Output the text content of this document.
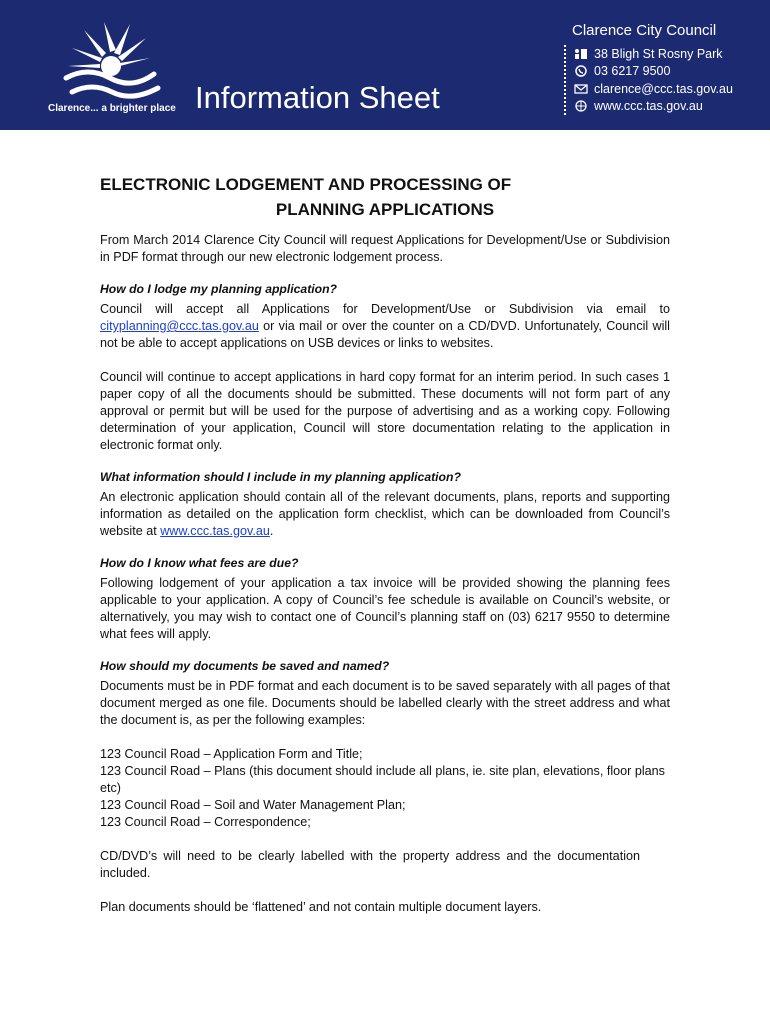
Clarence... a brighter place Information Sheet
Clarence City Council
38 Bligh St Rosny Park
03 6217 9500
clarence@ccc.tas.gov.au
www.ccc.tas.gov.au
ELECTRONIC LODGEMENT AND PROCESSING OF
PLANNING APPLICATIONS

From March 2014 Clarence City Council will request Applications for Development/Use or Subdivision in PDF format through our new electronic lodgement process.

How do I lodge my planning application?

Council will accept all Applications for Development/Use or Subdivision via email to cityplanning@ccc.tas.gov.au or via mail or over the counter on a CD/DVD. Unfortunately, Council will not be able to accept applications on USB devices or links to websites.

Council will continue to accept applications in hard copy format for an interim period. In such cases 1 paper copy of all the documents should be submitted. These documents will not form part of any approval or permit but will be used for the purpose of advertising and as a working copy. Following determination of your application, Council will store documentation relating to the application in electronic format only.

What information should I include in my planning application?

An electronic application should contain all of the relevant documents, plans, reports and supporting information as detailed on the application form checklist, which can be downloaded from Council’s website at www.ccc.tas.gov.au.

How do I know what fees are due?

Following lodgement of your application a tax invoice will be provided showing the planning fees applicable to your application. A copy of Council’s fee schedule is available on Council’s website, or alternatively, you may wish to contact one of Council’s planning staff on (03) 6217 9550 to determine what fees will apply.

How should my documents be saved and named?

Documents must be in PDF format and each document is to be saved separately with all pages of that document merged as one file. Documents should be labelled clearly with the street address and what the document is, as per the following examples:

123 Council Road – Application Form and Title;

123 Council Road – Plans (this document should include all plans, ie. site plan, elevations, floor plans etc)

123 Council Road – Soil and Water Management Plan;

123 Council Road – Correspondence;

CD/DVD’s will need to be clearly labelled with the property address and the documentation included.

Plan documents should be ‘flattened’ and not contain multiple document layers.
